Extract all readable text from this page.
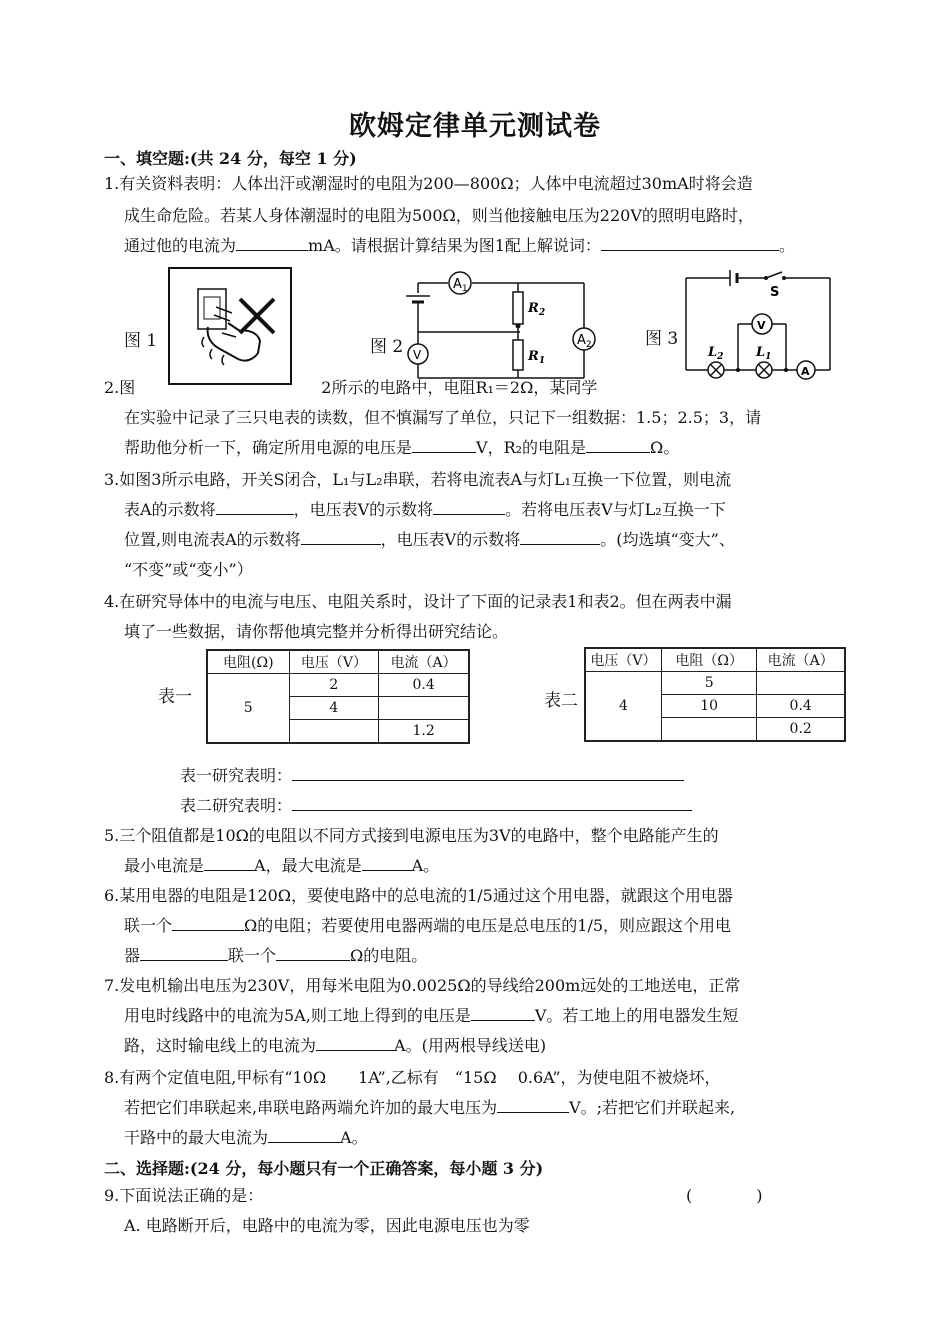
欧姆定律单元测试卷
一、填空题:(共 24 分，每空 1 分)
1.有关资料表明：人体出汗或潮湿时的电阻为200—800Ω；人体中电流超过30mA时将会造
成生命危险。若某人身体潮湿时的电阻为500Ω，则当他接触电压为220V的照明电路时，
通过他的电流为	mA。请根据计算结果为图1配上解说词：	。
图 1	图 2
$A_1$
$A_2$
V
$R_2$
$R_1$
图 3
S
A
V
$L_2$	$L_1$
2.图	2所示的电路中，电阻R₁＝2Ω，某同学
在实验中记录了三只电表的读数，但不慎漏写了单位，只记下一组数据：1.5；2.5；3，请
帮助他分析一下，确定所用电源的电压是	V，R₂的电阻是	Ω。
3.如图3所示电路，开关S闭合，L₁与L₂串联，若将电流表A与灯L₁互换一下位置，则电流
表A的示数将	，电压表V的示数将	。若将电压表V与灯L₂互换一下
位置,则电流表A的示数将	，电压表V的示数将	。(均选填“变大”、
“不变”或“变小”）
4.在研究导体中的电流与电压、电阻关系时，设计了下面的记录表1和表2。但在两表中漏
填了一些数据，请你帮他填完整并分析得出研究结论。
表一
电阻(Ω)	电压（V）	电流（A）
5	2	0.4
	4	
		1.2
表二
电压（V）	电阻（Ω）	电流（A）
4	5	
	10	0.4
		0.2
表一研究表明：
表二研究表明：
5.三个阻值都是10Ω的电阻以不同方式接到电源电压为3V的电路中，整个电路能产生的
最小电流是	A，最大电流是	A。
6.某用电器的电阻是120Ω，要使电路中的总电流的1/5通过这个用电器，就跟这个用电器
联一个	Ω的电阻；若要使用电器两端的电压是总电压的1/5，则应跟这个用电
器	联一个	Ω的电阻。
7.发电机输出电压为230V，用每米电阻为0.0025Ω的导线给200m远处的工地送电，正常
用电时线路中的电流为5A,则工地上得到的电压是	V。若工地上的用电器发生短
路，这时输电线上的电流为	A。(用两根导线送电)
8.有两个定值电阻,甲标有“10Ω　　1A”,乙标有　“15Ω　 0.6A”，为使电阻不被烧坏，
若把它们串联起来,串联电路两端允许加的最大电压为	V。;若把它们并联起来,
干路中的最大电流为	A。
二、选择题:(24 分，每小题只有一个正确答案，每小题 3 分)
9.下面说法正确的是：	(　　　　)
A. 电路断开后，电路中的电流为零，因此电源电压也为零
